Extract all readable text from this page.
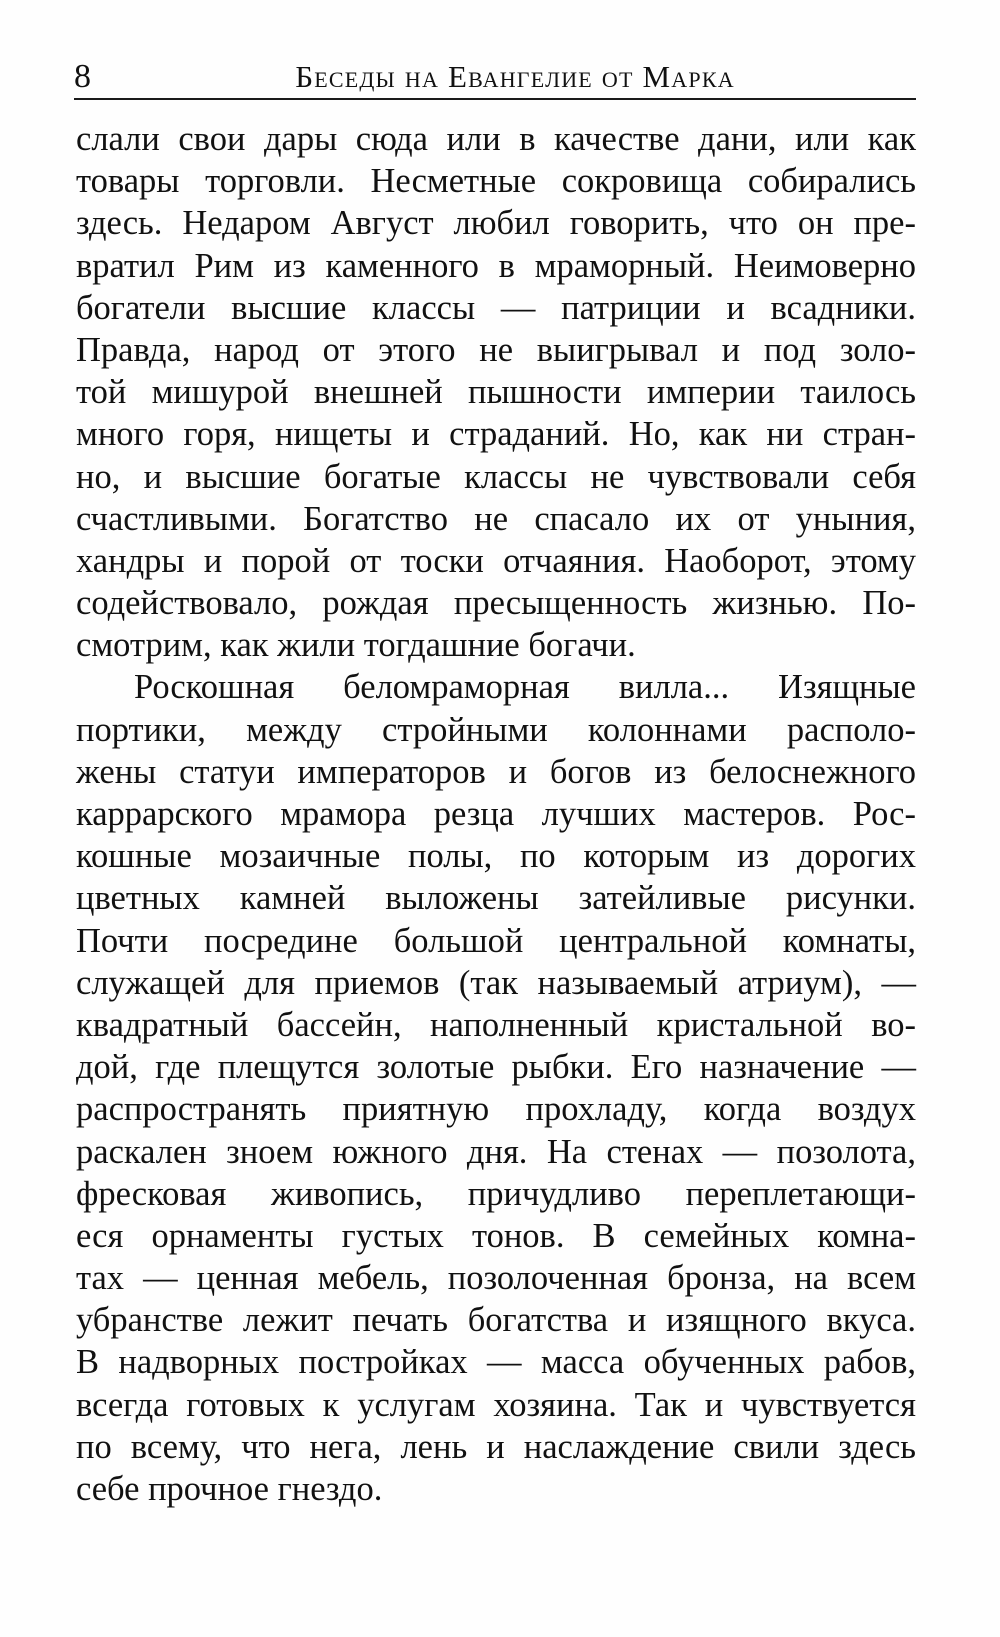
8	Беседы на Евангелие от Марка
слали свои дары сюда или в качестве дани, или как
товары торговли. Несметные сокровища собирались
здесь. Недаром Август любил говорить, что он пре-
вратил Рим из каменного в мраморный. Неимоверно
богатели высшие классы — патриции и всадники.
Правда, народ от этого не выигрывал и под золо-
той мишурой внешней пышности империи таилось
много горя, нищеты и страданий. Но, как ни стран-
но, и высшие богатые классы не чувствовали себя
счастливыми. Богатство не спасало их от уныния,
хандры и порой от тоски отчаяния. Наоборот, этому
содействовало, рождая пресыщенность жизнью. По-
смотрим, как жили тогдашние богачи.
Роскошная беломраморная вилла... Изящные
портики, между стройными колоннами располо-
жены статуи императоров и богов из белоснежного
каррарского мрамора резца лучших мастеров. Рос-
кошные мозаичные полы, по которым из дорогих
цветных камней выложены затейливые рисунки.
Почти посредине большой центральной комнаты,
служащей для приемов (так называемый атриум), —
квадратный бассейн, наполненный кристальной во-
дой, где плещутся золотые рыбки. Его назначение —
распространять приятную прохладу, когда воздух
раскален зноем южного дня. На стенах — позолота,
фресковая живопись, причудливо переплетающи-
еся орнаменты густых тонов. В семейных комна-
тах — ценная мебель, позолоченная бронза, на всем
убранстве лежит печать богатства и изящного вкуса.
В надворных постройках — масса обученных рабов,
всегда готовых к услугам хозяина. Так и чувствуется
по всему, что нега, лень и наслаждение свили здесь
себе прочное гнездо.
